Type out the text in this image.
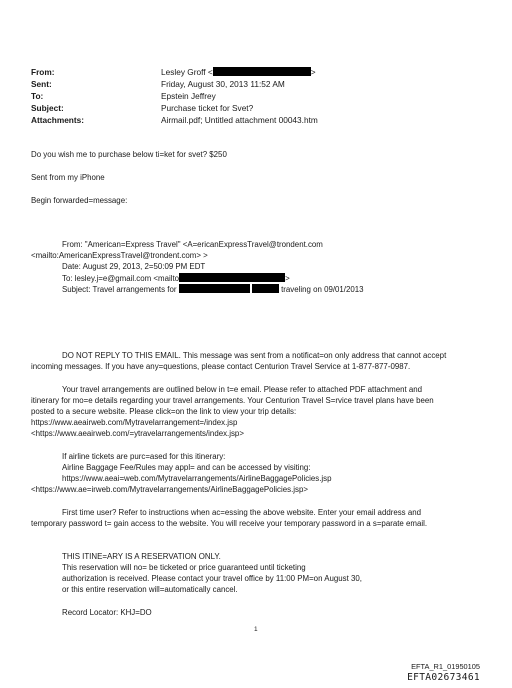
From:	Lesley Groff <	>
Sent:	Friday, August 30, 2013 11:52 AM
To:	Epstein Jeffrey
Subject:	Purchase ticket for Svet?
Attachments:	Airmail.pdf; Untitled attachment 00043.htm
Do you wish me to purchase below ti=ket for svet? $250
Sent from my iPhone
Begin forwarded=message:
From: "American=Express Travel" <A=ericanExpressTravel@trondent.com
<mailto:AmericanExpressTravel@trondent.com> >
Date: August 29, 2013, 2=50:09 PM EDT
To: lesley.j=e@gmail.com <mailto	>
Subject: Travel arrangements for	traveling on 09/01/2013
DO NOT REPLY TO THIS EMAIL. This message was sent from a notificat=on only address that cannot accept
incoming messages. If you have any=questions, please contact Centurion Travel Service at 1-877-877-0987.
Your travel arrangements are outlined below in t=e email. Please refer to attached PDF attachment and
itinerary for mo=e details regarding your travel arrangements. Your Centurion Travel S=rvice travel plans have been
posted to a secure website. Please click=on the link to view your trip details:
https://www.aeairweb.com/Mytravelarrangement=/index.jsp
<https://www.aeairweb.com/=ytravelarrangements/index.jsp>
If airline tickets are purc=ased for this itinerary:
Airline Baggage Fee/Rules may appl= and can be accessed by visiting:
https://www.aeai=web.com/Mytravelarrangements/AirlineBaggagePolicies.jsp
<https://www.ae=irweb.com/Mytravelarrangements/AirlineBaggagePolicies.jsp>
First time user? Refer to instructions when ac=essing the above website. Enter your email address and
temporary password t= gain access to the website. You will receive your temporary password in a s=parate email.
THIS ITINE=ARY IS A RESERVATION ONLY.
This reservation will no= be ticketed or price guaranteed until ticketing
authorization is received. Please contact your travel office by 11:00 PM=on August 30,
or this entire reservation will=automatically cancel.
Record Locator: KHJ=DO
1
EFTA_R1_01950105
EFTA02673461
